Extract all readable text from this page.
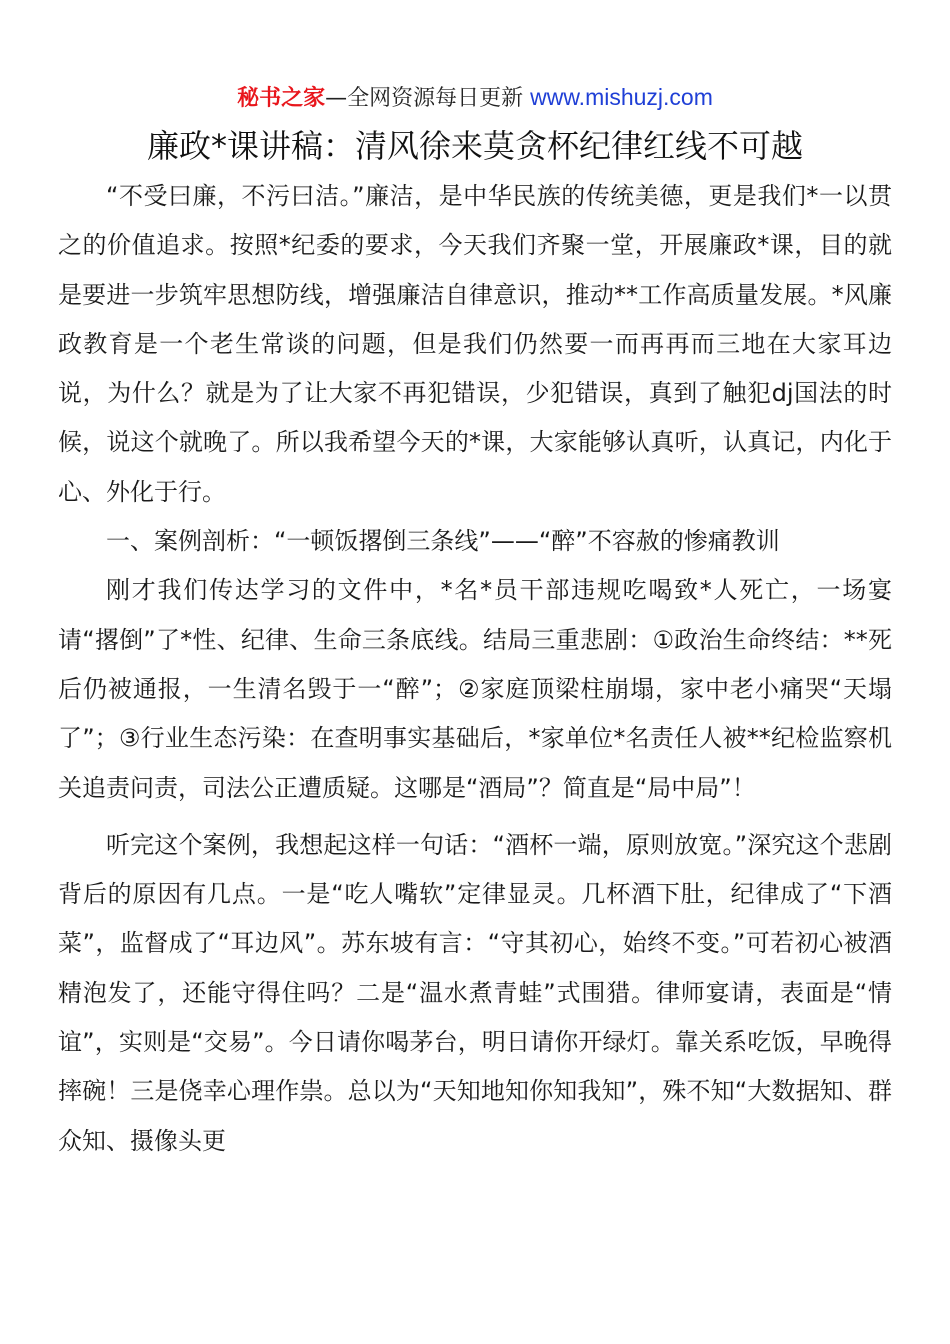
秘书之家—全网资源每日更新 www.mishuzj.com
廉政*课讲稿：清风徐来莫贪杯纪律红线不可越

“不受曰廉，不污曰洁。”廉洁，是中华民族的传统美德，更是我们*一以贯之的价值追求。按照*纪委的要求，今天我们齐聚一堂，开展廉政*课，目的就是要进一步筑牢思想防线，增强廉洁自律意识，推动**工作高质量发展。*风廉政教育是一个老生常谈的问题，但是我们仍然要一而再再而三地在大家耳边说，为什么？就是为了让大家不再犯错误，少犯错误，真到了触犯dj国法的时候，说这个就晚了。所以我希望今天的*课，大家能够认真听，认真记，内化于心、外化于行。

一、案例剖析：“一顿饭撂倒三条线”——“醉”不容赦的惨痛教训

刚才我们传达学习的文件中，*名*员干部违规吃喝致*人死亡，一场宴请“撂倒”了*性、纪律、生命三条底线。结局三重悲剧：①政治生命终结：**死后仍被通报，一生清名毁于一“醉”；②家庭顶梁柱崩塌，家中老小痛哭“天塌了”；③行业生态污染：在查明事实基础后，*家单位*名责任人被**纪检监察机关追责问责，司法公正遭质疑。这哪是“酒局”？简直是“局中局”！

听完这个案例，我想起这样一句话：“酒杯一端，原则放宽。”深究这个悲剧背后的原因有几点。一是“吃人嘴软”定律显灵。几杯酒下肚，纪律成了“下酒菜”，监督成了“耳边风”。苏东坡有言：“守其初心，始终不变。”可若初心被酒精泡发了，还能守得住吗？二是“温水煮青蛙”式围猎。律师宴请，表面是“情谊”，实则是“交易”。今日请你喝茅台，明日请你开绿灯。靠关系吃饭，早晚得摔碗！三是侥幸心理作祟。总以为“天知地知你知我知”，殊不知“大数据知、群众知、摄像头更
